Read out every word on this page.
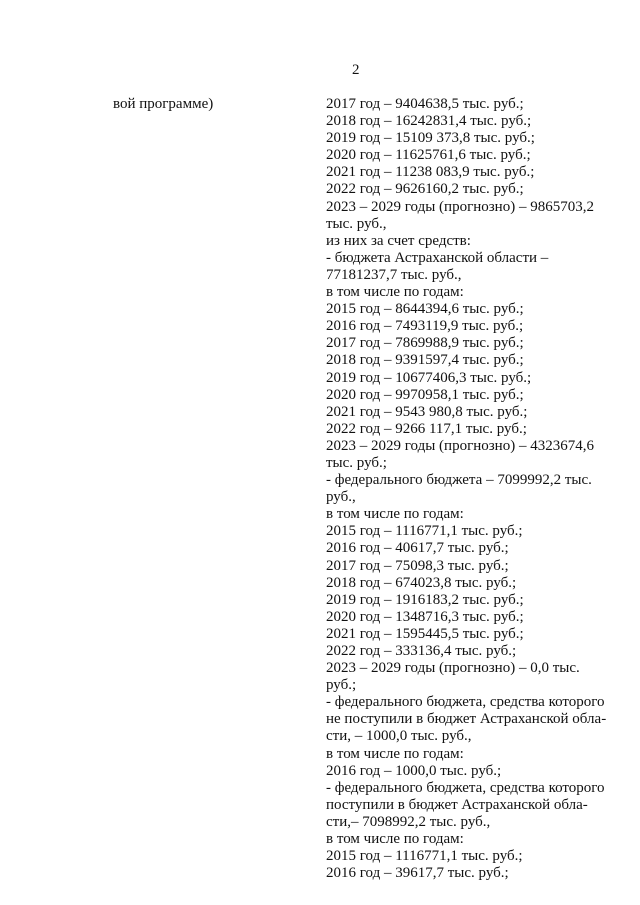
2
вой программе)	2017 год – 9404638,5 тыс. руб.;
2018 год – 16242831,4 тыс. руб.;
2019 год – 15109 373,8 тыс. руб.;
2020 год – 11625761,6 тыс. руб.;
2021 год – 11238 083,9 тыс. руб.;
2022 год – 9626160,2 тыс. руб.;
2023 – 2029 годы (прогнозно) – 9865703,2
тыс. руб.,
из них за счет средств:
- бюджета Астраханской области –
77181237,7 тыс. руб.,
в том числе по годам:
2015 год – 8644394,6 тыс. руб.;
2016 год – 7493119,9 тыс. руб.;
2017 год – 7869988,9 тыс. руб.;
2018 год – 9391597,4 тыс. руб.;
2019 год – 10677406,3 тыс. руб.;
2020 год – 9970958,1 тыс. руб.;
2021 год – 9543 980,8 тыс. руб.;
2022 год – 9266 117,1 тыс. руб.;
2023 – 2029 годы (прогнозно) – 4323674,6
тыс. руб.;
- федерального бюджета – 7099992,2 тыс.
руб.,
в том числе по годам:
2015 год – 1116771,1 тыс. руб.;
2016 год – 40617,7 тыс. руб.;
2017 год – 75098,3 тыс. руб.;
2018 год – 674023,8 тыс. руб.;
2019 год – 1916183,2 тыс. руб.;
2020 год – 1348716,3 тыс. руб.;
2021 год – 1595445,5 тыс. руб.;
2022 год – 333136,4 тыс. руб.;
2023 – 2029 годы (прогнозно) – 0,0 тыс.
руб.;
- федерального бюджета, средства которого
не поступили в бюджет Астраханской обла-
сти, – 1000,0 тыс. руб.,
в том числе по годам:
2016 год – 1000,0 тыс. руб.;
- федерального бюджета, средства которого
поступили в бюджет Астраханской обла-
сти,– 7098992,2 тыс. руб.,
в том числе по годам:
2015 год – 1116771,1 тыс. руб.;
2016 год – 39617,7 тыс. руб.;
